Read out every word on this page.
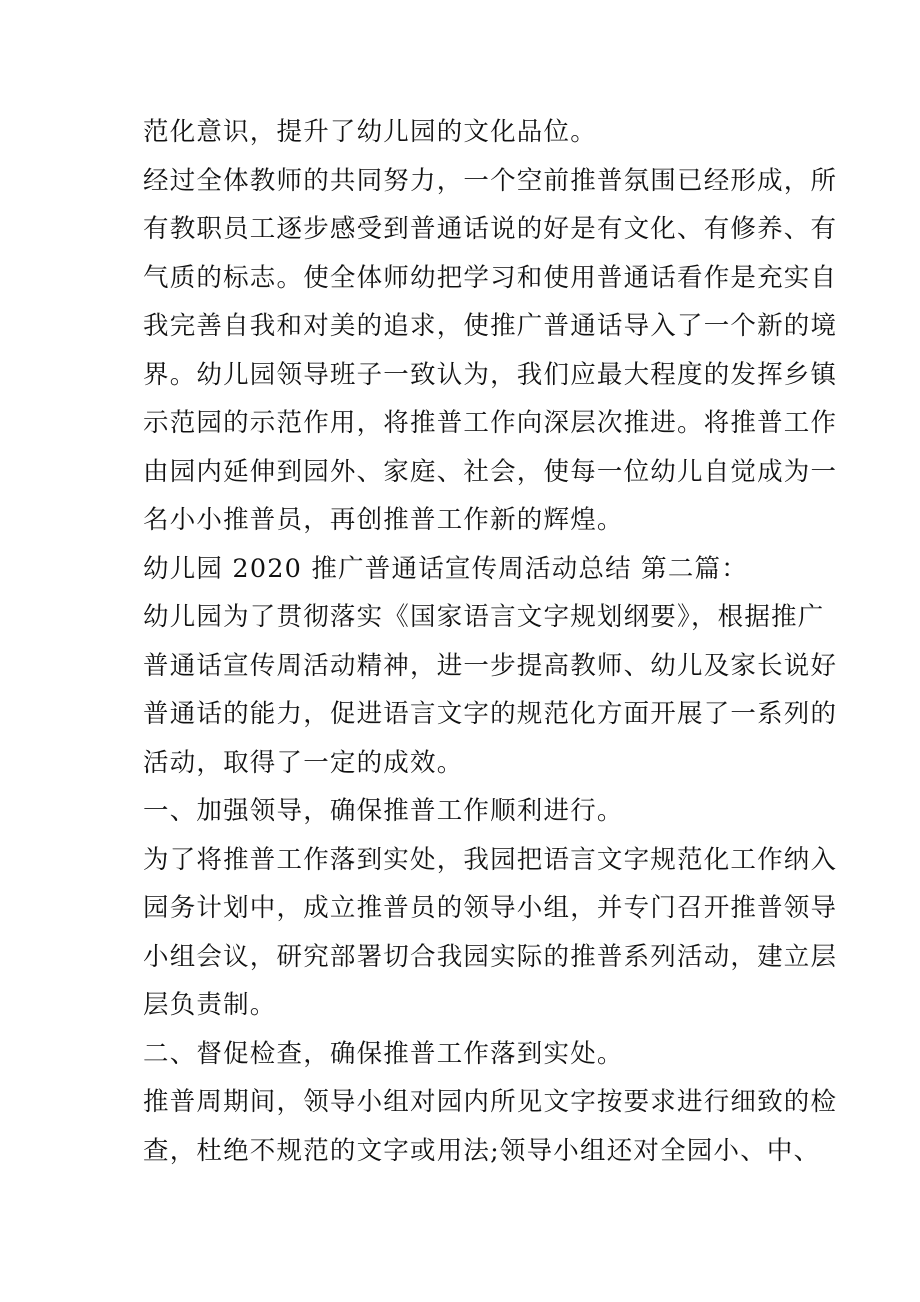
范化意识，提升了幼儿园的文化品位。
经过全体教师的共同努力，一个空前推普氛围已经形成，所
有教职员工逐步感受到普通话说的好是有文化、有修养、有
气质的标志。使全体师幼把学习和使用普通话看作是充实自
我完善自我和对美的追求，使推广普通话导入了一个新的境
界。幼儿园领导班子一致认为，我们应最大程度的发挥乡镇
示范园的示范作用，将推普工作向深层次推进。将推普工作
由园内延伸到园外、家庭、社会，使每一位幼儿自觉成为一
名小小推普员，再创推普工作新的辉煌。
幼儿园 2020 推广普通话宣传周活动总结 第二篇：
幼儿园为了贯彻落实《国家语言文字规划纲要》，根据推广
普通话宣传周活动精神，进一步提高教师、幼儿及家长说好
普通话的能力，促进语言文字的规范化方面开展了一系列的
活动，取得了一定的成效。
一、加强领导，确保推普工作顺利进行。
为了将推普工作落到实处，我园把语言文字规范化工作纳入
园务计划中，成立推普员的领导小组，并专门召开推普领导
小组会议，研究部署切合我园实际的推普系列活动，建立层
层负责制。
二、督促检查，确保推普工作落到实处。
推普周期间，领导小组对园内所见文字按要求进行细致的检
查，杜绝不规范的文字或用法;领导小组还对全园小、中、
